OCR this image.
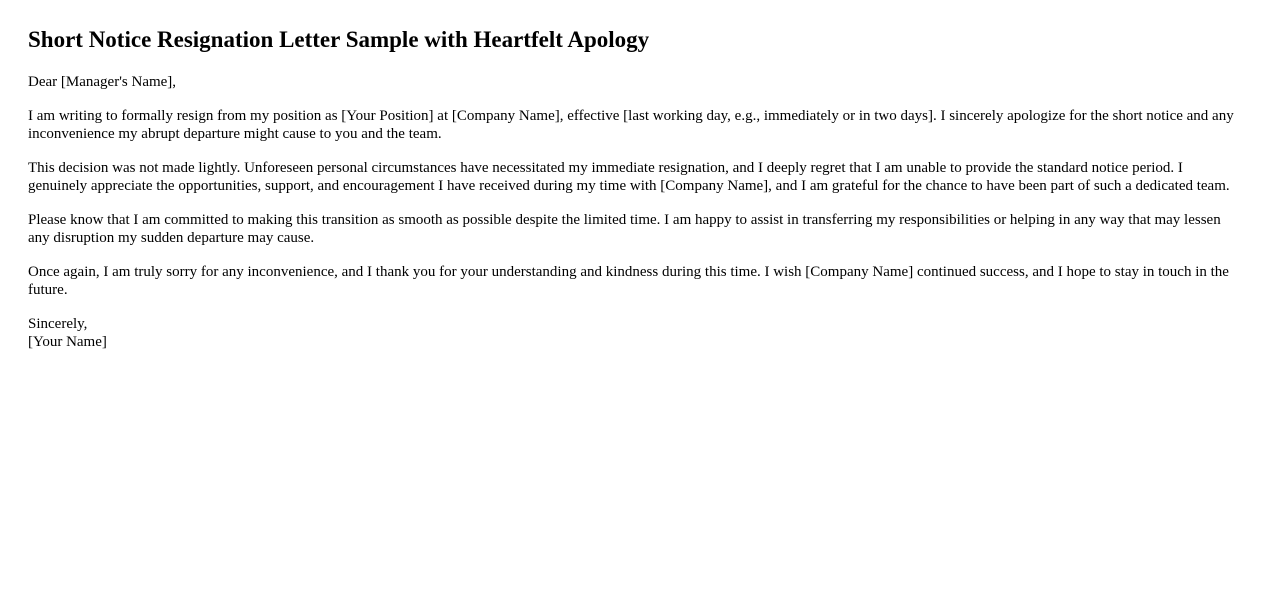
Short Notice Resignation Letter Sample with Heartfelt Apology

Dear [Manager's Name],

I am writing to formally resign from my position as [Your Position] at [Company Name], effective [last working day, e.g., immediately or in two days]. I sincerely apologize for the short notice and any inconvenience my abrupt departure might cause to you and the team.

This decision was not made lightly. Unforeseen personal circumstances have necessitated my immediate resignation, and I deeply regret that I am unable to provide the standard notice period. I genuinely appreciate the opportunities, support, and encouragement I have received during my time with [Company Name], and I am grateful for the chance to have been part of such a dedicated team.

Please know that I am committed to making this transition as smooth as possible despite the limited time. I am happy to assist in transferring my responsibilities or helping in any way that may lessen any disruption my sudden departure may cause.

Once again, I am truly sorry for any inconvenience, and I thank you for your understanding and kindness during this time. I wish [Company Name] continued success, and I hope to stay in touch in the future.

Sincerely,
[Your Name]
